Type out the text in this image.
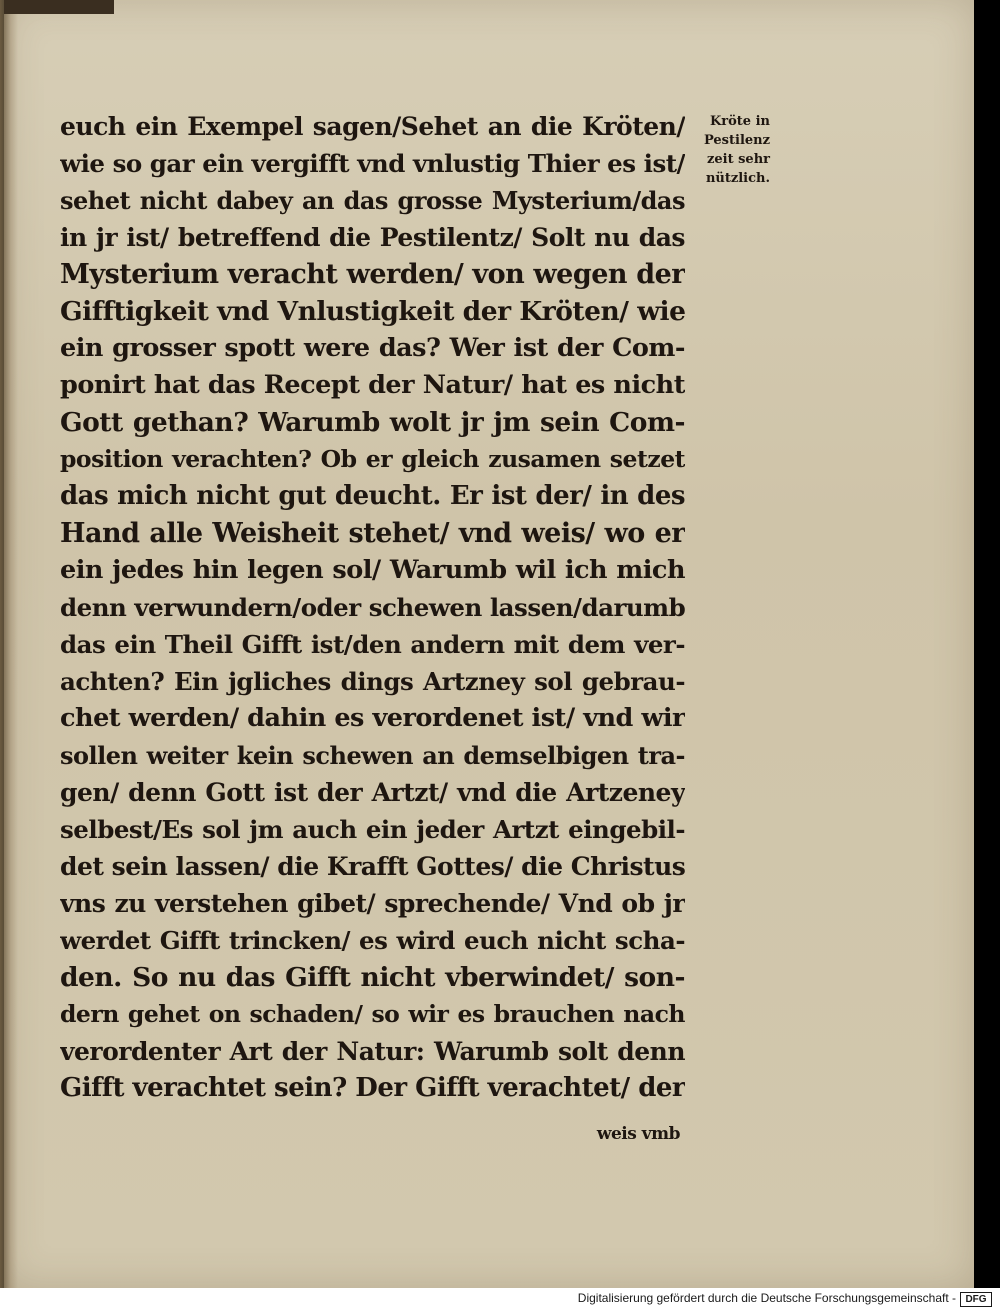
euch ein Exempel sagen/Sehet an die Kröten/
wie so gar ein vergifft vnd vnlustig Thier es ist/
sehet nicht dabey an das grosse Mysterium/das
in jr ist/ betreffend die Pestilentz/ Solt nu das
Mysterium veracht werden/ von wegen der
Gifftigkeit vnd Vnlustigkeit der Kröten/ wie
ein grosser spott were das? Wer ist der Com-
ponirt hat das Recept der Natur/ hat es nicht
Gott gethan? Warumb wolt jr jm sein Com-
position verachten? Ob er gleich zusamen setzet
das mich nicht gut deucht. Er ist der/ in des
Hand alle Weisheit stehet/ vnd weis/ wo er
ein jedes hin legen sol/ Warumb wil ich mich
denn verwundern/oder schewen lassen/darumb
das ein Theil Gifft ist/den andern mit dem ver-
achten? Ein jgliches dings Artzney sol gebrau-
chet werden/ dahin es verordenet ist/ vnd wir
sollen weiter kein schewen an demselbigen tra-
gen/ denn Gott ist der Artzt/ vnd die Artzeney
selbest/Es sol jm auch ein jeder Artzt eingebil-
det sein lassen/ die Krafft Gottes/ die Christus
vns zu verstehen gibet/ sprechende/ Vnd ob jr
werdet Gifft trincken/ es wird euch nicht scha-
den. So nu das Gifft nicht vberwindet/ son-
dern gehet on schaden/ so wir es brauchen nach
verordenter Art der Natur: Warumb solt denn
Gifft verachtet sein? Der Gifft verachtet/ der
weis vmb
Kröte in
Pestilenz
zeit sehr
nützlich.
Digitalisierung gefördert durch die Deutsche Forschungsgemeinschaft - DFG
